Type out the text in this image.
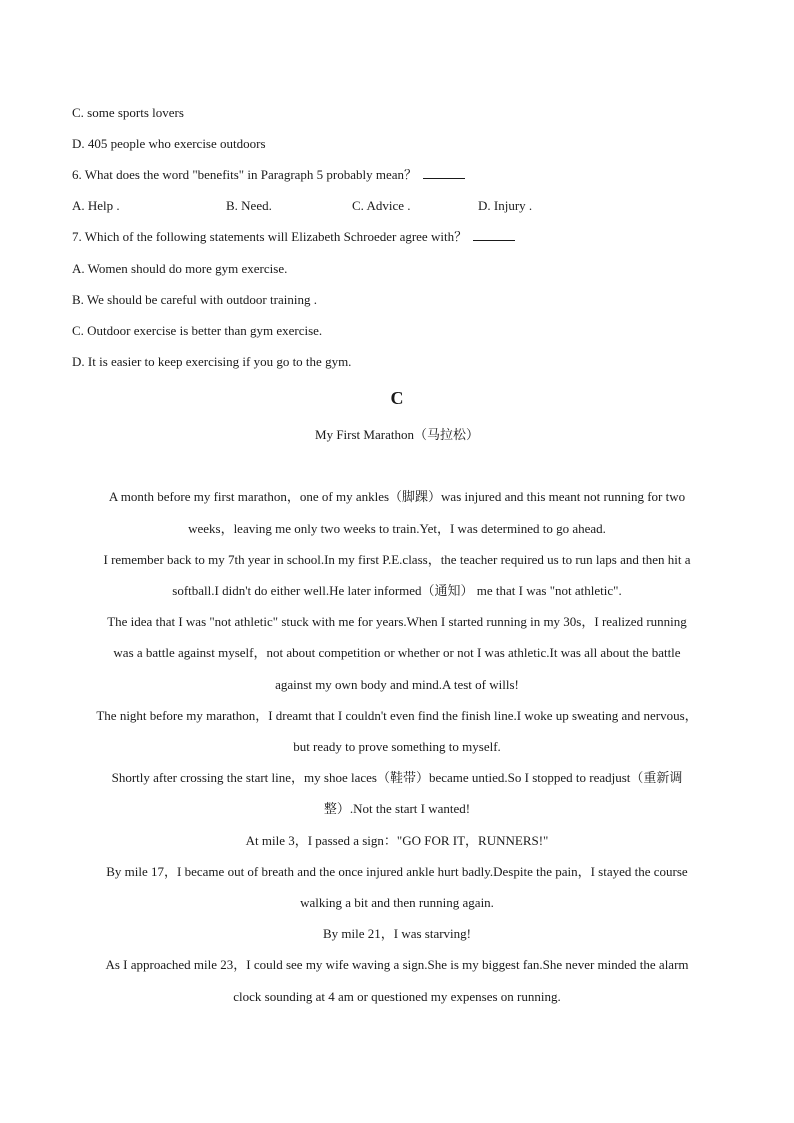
C. some sports lovers
D. 405 people who exercise outdoors
6. What does the word "benefits" in Paragraph 5 probably mean？
A. Help .	B. Need.	C. Advice .	D. Injury .
7. Which of the following statements will Elizabeth Schroeder agree with？
A. Women should do more gym exercise.
B. We should be careful with outdoor training .
C. Outdoor exercise is better than gym exercise.
D. It is easier to keep exercising if you go to the gym.
C
My First Marathon（马拉松）
A month before my first marathon，one of my ankles（脚踝）was injured and this meant not running for two
weeks，leaving me only two weeks to train.Yet，I was determined to go ahead.
I remember back to my 7th year in school.In my first P.E.class，the teacher required us to run laps and then hit a
softball.I didn't do either well.He later informed（通知） me that I was "not athletic".
The idea that I was "not athletic" stuck with me for years.When I started running in my 30s，I realized running
was a battle against myself，not about competition or whether or not I was athletic.It was all about the battle
against my own body and mind.A test of wills!
The night before my marathon，I dreamt that I couldn't even find the finish line.I woke up sweating and nervous，
but ready to prove something to myself.
Shortly after crossing the start line，my shoe laces（鞋带）became untied.So I stopped to readjust（重新调
整）.Not the start I wanted!
At mile 3，I passed a sign："GO FOR IT，RUNNERS!"
By mile 17，I became out of breath and the once injured ankle hurt badly.Despite the pain，I stayed the course
walking a bit and then running again.
By mile 21，I was starving!
As I approached mile 23，I could see my wife waving a sign.She is my biggest fan.She never minded the alarm
clock sounding at 4 am or questioned my expenses on running.
